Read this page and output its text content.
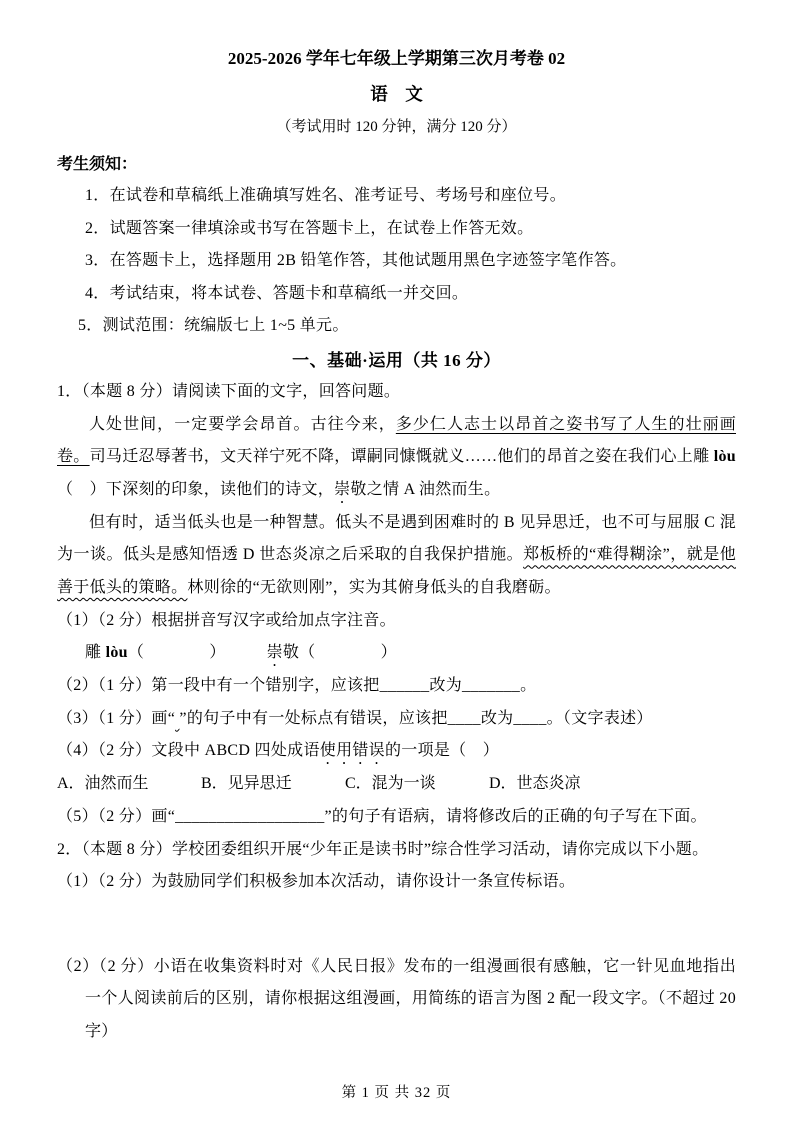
2025-2026 学年七年级上学期第三次月考卷 02
语　文
（考试用时 120 分钟，满分 120 分）
考生须知：
1．在试卷和草稿纸上准确填写姓名、准考证号、考场号和座位号。
2．试题答案一律填涂或书写在答题卡上，在试卷上作答无效。
3．在答题卡上，选择题用 2B 铅笔作答，其他试题用黑色字迹签字笔作答。
4．考试结束，将本试卷、答题卡和草稿纸一并交回。
5．测试范围：统编版七上 1~5 单元。
一、基础·运用（共 16 分）
1．（本题 8 分）请阅读下面的文字，回答问题。
人处世间，一定要学会昂首。古往今来，多少仁人志士以昂首之姿书写了人生的壮丽画卷。司马迁忍辱著书，文天祥宁死不降，谭嗣同慷慨就义……他们的昂首之姿在我们心上雕 lòu（　）下深刻的印象，读他们的诗文，崇敬之情 A 油然而生。
但有时，适当低头也是一种智慧。低头不是遇到困难时的 B 见异思迁，也不可与屈服 C 混为一谈。低头是感知悟透 D 世态炎凉之后采取的自我保护措施。郑板桥的“难得糊涂”，就是他善于低头的策略。林则徐的“无欲则刚”，实为其俯身低头的自我磨砺。
（1）（2 分）根据拼音写汉字或给加点字注音。
雕 lòu（　　　　）　　　崇敬（　　　　）
（2）（1 分）第一段中有一个错别字，应该把______改为_______。
（3）（1 分）画“ ”的句子中有一处标点有错误，应该把____改为____。（文字表述）
（4）（2 分）文段中 ABCD 四处成语使用错误的一项是（　）
A．油然而生	B．见异思迁	C．混为一谈	D．世态炎凉
（5）（2 分）画“__________________”的句子有语病，请将修改后的正确的句子写在下面。
2．（本题 8 分）学校团委组织开展“少年正是读书时”综合性学习活动，请你完成以下小题。
（1）（2 分）为鼓励同学们积极参加本次活动，请你设计一条宣传标语。
（2）（2 分）小语在收集资料时对《人民日报》发布的一组漫画很有感触，它一针见血地指出一个人阅读前后的区别，请你根据这组漫画，用简练的语言为图 2 配一段文字。（不超过 20 字）
第 1 页 共 32 页
